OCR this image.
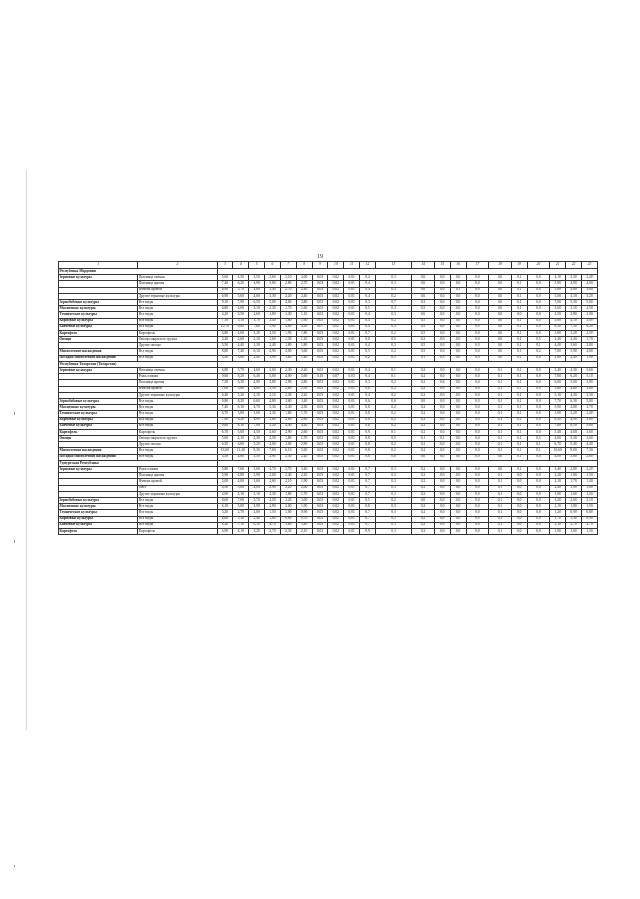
19
1	2	3	4	5	6	7	8	9	10	11	12	13	14	15	16	17	18	19	20	21	22	23
Республика Мордовия																						
Зерновые культуры	Пшеница озимая	5,60	4,50	3,50	2,60	2,10	2,00	0,03	0,02	0,01	0,4	0,3	0,6	0,0	0,0	0,0	0,0	0,1	0,0	4,10	3,30	2,40
	Пшеница яровая	7,40	6,20	4,90	3,80	2,80	2,70	0,03	0,02	0,01	0,4	0,3	0,6	0,0	0,0	0,0	0,0	0,1	0,0	5,90	4,90	4,00
	Ячмень яровой	6,90	5,70	4,60	3,40	2,70	2,40	0,03	0,02	0,01	0,4	0,3	0,6	0,0	0,1	0,0	0,0	0,1	0,0	5,60	4,60	3,60
	Другие зерновые культуры	6,90	5,60	4,60	3,30	2,20	2,40	0,03	0,02	0,01	0,4	0,2	0,6	0,0	0,0	0,0	0,0	0,1	0,0	5,00	4,10	3,20
Зернобобовые культуры	Все виды	9,10	7,90	6,50	5,00	4,00	3,80	0,03	0,02	0,01	0,3	0,7	0,2	0,0	0,0	0,0	0,0	0,1	0,0	7,00	5,30	5,00
Масличные культуры	Все виды	4,80	4,00	3,10	2,30	1,70	1,60	0,03	0,02	0,01	0,5	0,3	0,5	0,0	0,0	0,0	0,0	0,1	0,0	3,60	3,10	2,50
Технические культуры	Все виды	4,20	3,50	2,60	1,80	1,30	1,10	0,03	0,02	0,01	0,4	0,3	0,6	0,0	0,0	0,0	0,0	0,0	0,0	2,50	2,80	2,00
Кормовые культуры	Все виды	7,10	5,10	3,70	2,40	1,80	1,60	0,03	0,02	0,01	0,4	0,2	0,5	0,0	0,0	0,0	0,0	0,1	0,0	5,60	4,10	3,00
Бахчевые культуры	Все виды	10,70	9,00	7,60	5,90	4,60	4,30	0,07	0,02	0,01	0,4	0,3	0,5	0,0	0,0	0,0	0,0	0,1	0,0	8,30	7,10	6,20
Картофель	Картофель	4,80	4,00	3,20	2,50	1,90	1,80	0,03	0,02	0,01	0,7	0,2	0,5	0,0	0,0	0,0	0,0	0,1	0,0	3,80	3,20	2,50
Овощи	Овощи закрытого грунта	3,20	2,60	2,10	1,60	1,30	1,10	0,03	0,02	0,01	0,0	0,5	0,2	0,0	0,0	0,0	0,0	0,1	0,5	2,40	2,20	1,70
	Другие овощи	5,50	4,40	3,30	2,40	1,80	1,80	0,03	0,02	0,01	0,4	0,3	0,5	0,0	0,0	0,0	0,0	0,1	0,1	4,40	3,60	2,80
Многолетние насаждения	Все виды	8,80	7,40	6,10	4,90	4,00	3,60	0,03	0,02	0,01	0,5	0,2	0,5	0,0	0,0	0,0	0,0	0,1	0,2	7,00	5,90	4,80
Посадки многолетних насаждений	Все виды	3,50	3,00	2,40	1,90	1,60	1,40	0,03	0,02	0,01	0,2	0,5	0,1	0,3	0,0	0,0	0,0	0,1	0,0	2,80	2,40	1,90
Республика Татарстан (Татарстан)																						
Зерновые культуры	Пшеница озимая	6,80	5,70	4,60	3,60	2,30	2,20	0,03	0,02	0,01	0,4	0,1	0,2	0,0	0,0	0,0	0,1	0,1	0,0	5,40	4,30	3,60
	Рожь озимая	9,60	8,20	6,40	5,00	4,00	3,60	0,10	0,07	0,03	0,4	0,1	0,2	0,0	0,0	0,0	0,1	0,1	0,0	7,80	6,20	5,10
	Пшеница яровая	7,50	6,30	4,90	3,80	2,90	2,80	0,03	0,02	0,01	0,3	0,2	0,2	0,6	0,0	0,0	0,1	0,1	0,0	6,00	5,00	3,90
	Ячмень яровой	7,00	5,80	4,60	3,50	2,60	2,50	0,03	0,02	0,01	0,8	0,2	0,2	0,0	0,0	0,0	0,1	0,1	0,0	5,60	4,60	3,60
	Другие зерновые культуры	6,40	5,20	4,10	3,10	2,30	2,20	0,03	0,02	0,01	0,4	0,2	0,2	0,0	0,0	0,0	0,1	0,1	0,0	5,10	4,20	3,30
Зернобобовые культуры	Все виды	9,80	8,20	6,60	4,80	3,60	3,40	0,03	0,02	0,01	0,6	0,6	0,0	0,0	0,0	0,0	0,1	0,1	0,0	7,70	6,30	5,00
Масличные культуры	Все виды	7,40	6,10	4,70	3,30	2,40	2,30	0,03	0,02	0,01	0,8	0,2	0,2	0,0	0,0	0,0	0,1	0,1	0,0	5,90	4,80	3,70
Технические культуры	Все виды	4,70	3,80	3,00	2,30	1,80	1,70	0,03	0,02	0,01	0,8	0,2	0,2	0,0	0,0	0,0	0,1	0,1	0,0	3,90	3,20	2,40
Кормовые культуры	Все виды	7,90	6,20	4,90	3,60	2,80	2,60	0,03	0,02	0,01	0,8	0,2	0,2	0,0	0,0	0,0	0,1	0,1	0,0	6,30	4,90	3,80
Бахчевые культуры	Все виды	9,60	8,10	7,00	5,20	4,40	4,20	0,03	0,02	0,01	0,8	0,2	0,2	0,0	0,0	0,0	0,1	0,1	0,0	7,60	6,50	5,60
Картофель	Картофель	6,70	5,60	4,50	3,60	2,90	2,60	0,03	0,02	0,01	0,9	0,1	0,2	0,0	0,0	0,0	0,1	0,1	0,0	5,40	4,60	3,60
Овощи	Овощи закрытого грунта	5,00	4,10	3,30	2,50	1,80	1,70	0,03	0,02	0,01	0,8	0,5	0,1	0,1	0,0	0,0	0,1	0,1	0,5	4,00	3,30	2,60
	Другие овощи	6,50	6,60	5,20	4,00	3,00	2,90	0,03	0,02	0,01	0,8	0,2	0,2	0,0	0,0	0,0	0,1	0,1	0,1	6,70	5,40	4,40
Многолетние насаждения	Все виды	13,60	11,40	9,30	7,60	6,10	5,60	0,03	0,02	0,01	0,8	0,2	0,2	0,0	0,0	0,0	0,1	0,1	0,1	10,60	9,00	7,30
Посадки многолетних насаждений	Все виды	3,50	4,80	3,50	2,90	2,30	2,20	0,05	0,02	0,01	0,6	0,6	0,0	0,0	0,0	0,0	0,0	0,1	0,0	4,00	3,60	2,80
Удмуртская Республика																						
Зерновые культуры	Рожь озимая	5,80	7,60	5,00	4,70	2,70	3,40	0,03	0,02	0,01	0,7	0,3	0,2	0,0	0,0	0,0	0,0	0,1	0,0	3,40	2,80	2,20
	Пшеница яровая	5,90	4,80	3,90	3,00	2,40	2,20	0,03	0,02	0,01	0,7	0,3	0,2	0,0	0,0	0,0	0,1	0,0	0,0	2,20	1,80	1,50
	Ячмень яровой	5,00	4,00	3,60	2,60	2,10	1,90	0,03	0,02	0,01	0,7	0,3	0,2	0,0	0,0	0,0	0,1	0,0	0,0	2,10	1,70	1,40
	Овес	4,50	5,00	4,00	2,90	2,20	2,00	0,03	0,02	0,01	0,7	0,3	0,2	0,0	0,0	0,0	0,1	0,0	0,0	2,40	1,90	1,60
	Другие зерновые культуры	4,90	4,10	3,10	2,30	1,80	1,70	0,03	0,02	0,01	0,7	0,3	0,2	0,0	0,0	0,0	0,1	0,0	0,0	1,90	1,60	1,20
Зернобобовые культуры	Все виды	8,60	7,00	5,70	4,50	3,20	3,00	0,03	0,02	0,01	0,5	0,2	0,0	0,0	0,0	0,0	0,1	0,0	0,0	3,20	2,60	2,10
Масличные культуры	Все виды	6,10	5,00	3,90	2,90	2,00	1,90	0,03	0,02	0,01	0,8	0,3	0,2	0,0	0,0	0,0	0,1	0,0	0,0	2,10	1,80	1,50
Технические культуры	Все виды	3,20	2,70	2,00	1,50	1,00	0,90	0,03	0,02	0,01	0,7	0,3	0,2	0,0	0,0	0,0	0,1	0,0	0,0	1,20	0,90	0,80
Кормовые культуры	Все виды	6,60	5,30	2,40	1,60	0,80	0,70	0,03	0,02	0,01	0,7	0,3	0,2	0,0	0,0	0,0	0,1	0,0	0,0	1,70	1,30	0,90
Бахчевые культуры	Все виды	8,20	7,10	6,10	4,70	3,60	3,40	0,03	0,02	0,01	0,7	0,3	0,2	0,0	0,0	0,0	0,1	0,0	0,0	3,10	2,70	2,70
Картофель	Картофель	4,90	4,10	3,20	2,70	2,30	2,10	0,03	0,02	0,01	0,9	0,3	0,2	0,0	0,0	0,0	0,1	0,0	0,0	1,90	1,60	1,30
